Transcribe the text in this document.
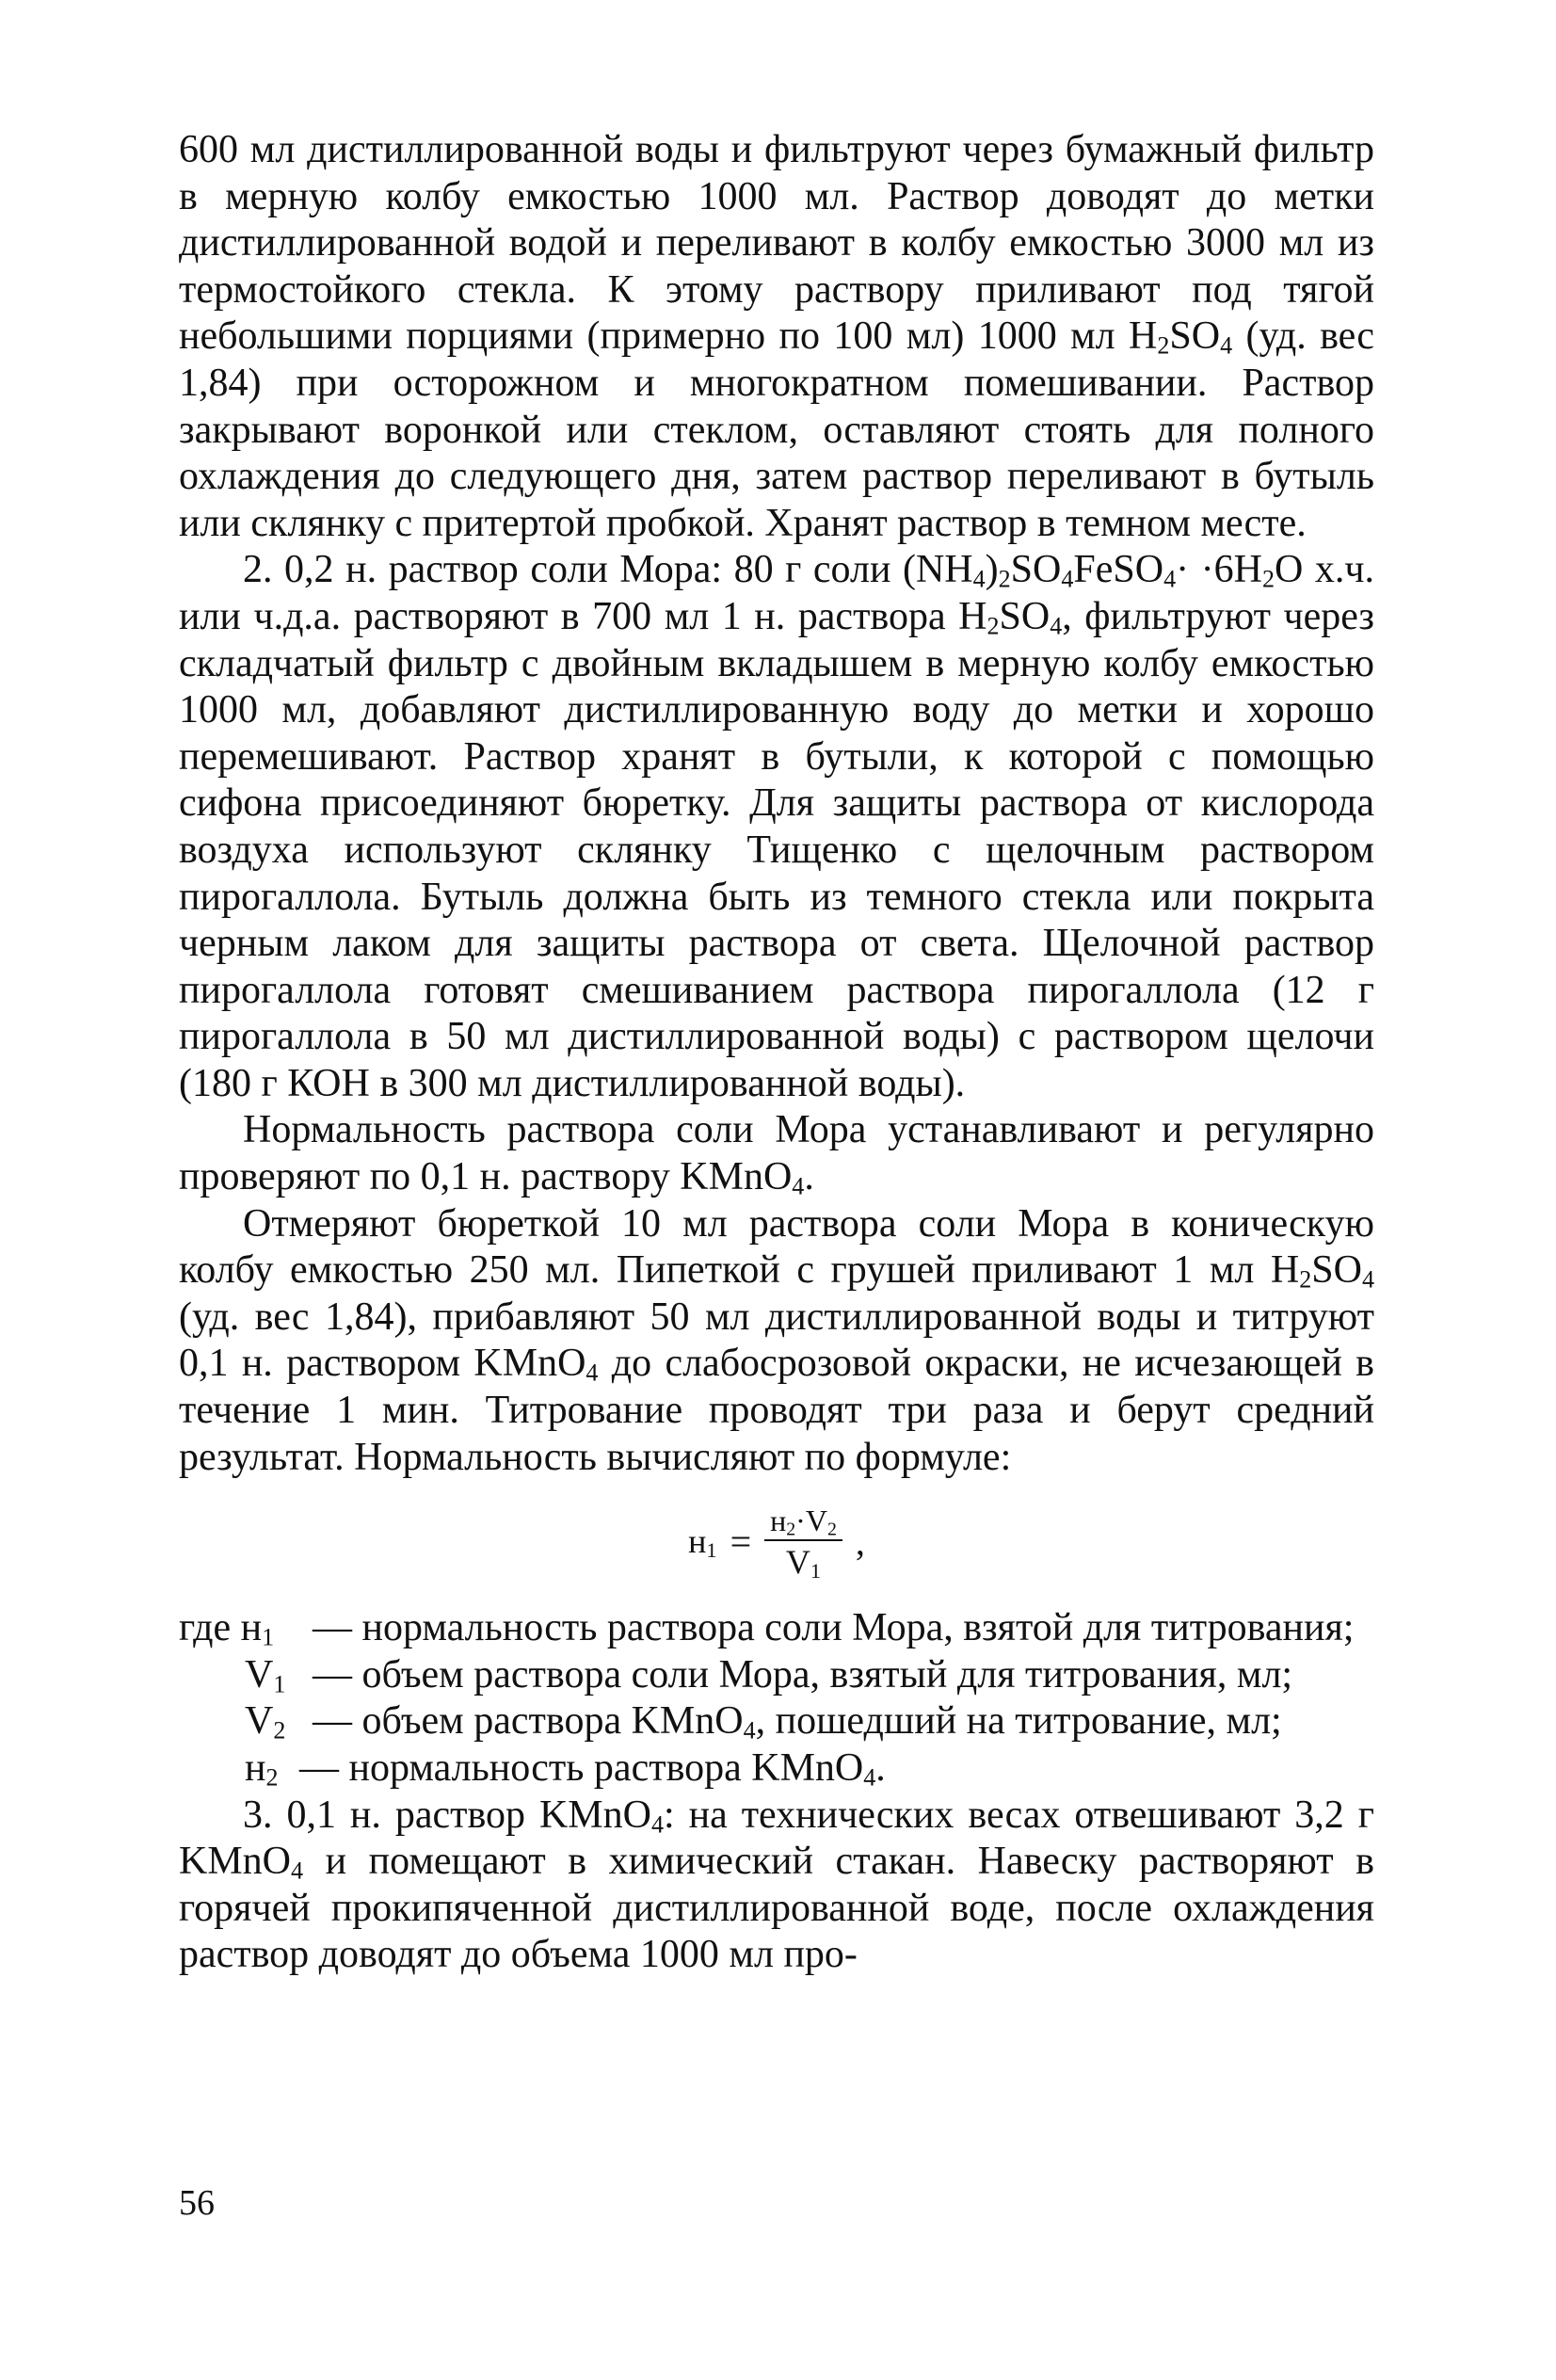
600 мл дистиллированной воды и фильтруют через бумажный фильтр в мерную колбу емкостью 1000 мл. Раствор доводят до метки дистиллированной водой и переливают в колбу емкостью 3000 мл из термостойкого стекла. К этому раствору приливают под тягой небольшими порциями (примерно по 100 мл) 1000 мл $H_2SO_4$ (уд. вес 1,84) при осторожном и многократном помешивании. Раствор закрывают воронкой или стеклом, оставляют стоять для полного охлаждения до следующего дня, затем раствор переливают в бутыль или склянку с притертой пробкой. Хранят раствор в темном месте.

2. 0,2 н. раствор соли Мора: 80 г соли $(NH_4)_2SO_4FeSO_4\cdot \cdot 6H_2O$ х.ч. или ч.д.а. растворяют в 700 мл 1 н. раствора $H_2SO_4$, фильтруют через складчатый фильтр с двойным вкладышем в мерную колбу емкостью 1000 мл, добавляют дистиллированную воду до метки и хорошо перемешивают. Раствор хранят в бутыли, к которой с помощью сифона присоединяют бюретку. Для защиты раствора от кислорода воздуха используют склянку Тищенко с щелочным раствором пирогаллола. Бутыль должна быть из темного стекла или покрыта черным лаком для защиты раствора от света. Щелочной раствор пирогаллола готовят смешиванием раствора пирогаллола (12 г пирогаллола в 50 мл дистиллированной воды) с раствором щелочи (180 г КОН в 300 мл дистиллированной воды).

Нормальность раствора соли Мора устанавливают и регулярно проверяют по 0,1 н. раствору KMnO$_4$.

Отмеряют бюреткой 10 мл раствора соли Мора в коническую колбу емкостью 250 мл. Пипеткой с грушей приливают 1 мл $H_2SO_4$ (уд. вес 1,84), прибавляют 50 мл дистиллированной воды и титруют 0,1 н. раствором KMnO$_4$ до слабоcрозовой окраски, не исчезающей в течение 1 мин. Титрование проводят три раза и берут средний результат. Нормальность вычисляют по формуле:

$н_1 = \frac{н_2\cdot V_2}{V_1}$ ,
где $н_1$ — нормальность раствора соли Мора, взятой для титрования;
$V_1$ — объем раствора соли Мора, взятый для титрования, мл;
$V_2$ — объем раствора KMnO$_4$, пошедший на титрование, мл;
$н_2$ — нормальность раствора KMnO$_4$.

3. 0,1 н. раствор KMnO$_4$: на технических весах отвешивают 3,2 г KMnO$_4$ и помещают в химический стакан. Навеску растворяют в горячей прокипяченной дистиллированной воде, после охлаждения раствор доводят до объема 1000 мл про-

56
